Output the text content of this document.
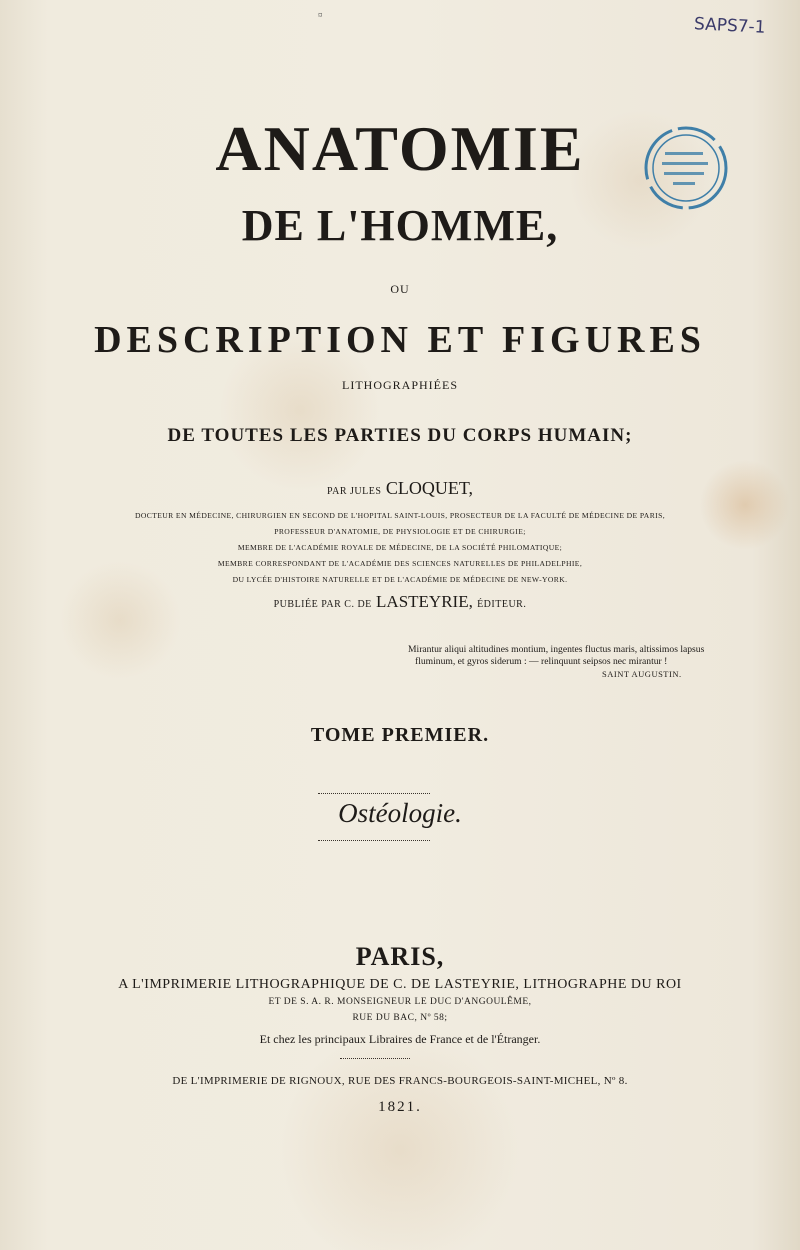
¤	SAPS7-1
ANATOMIE
DE L'HOMME,
OU
DESCRIPTION ET FIGURES
LITHOGRAPHIÉES
DE TOUTES LES PARTIES DU CORPS HUMAIN;
PAR JULES CLOQUET,
DOCTEUR EN MÉDECINE, CHIRURGIEN EN SECOND DE L'HOPITAL SAINT-LOUIS, PROSECTEUR DE LA FACULTÉ DE MÉDECINE DE PARIS,
PROFESSEUR D'ANATOMIE, DE PHYSIOLOGIE ET DE CHIRURGIE;
MEMBRE DE L'ACADÉMIE ROYALE DE MÉDECINE, DE LA SOCIÉTÉ PHILOMATIQUE;
MEMBRE CORRESPONDANT DE L'ACADÉMIE DES SCIENCES NATURELLES DE PHILADELPHIE,
DU LYCÉE D'HISTOIRE NATURELLE ET DE L'ACADÉMIE DE MÉDECINE DE NEW-YORK.
PUBLIÉE PAR C. DE LASTEYRIE, ÉDITEUR.
Mirantur aliqui altitudines montium, ingentes fluctus maris, altissimos lapsus
fluminum, et gyros siderum : — relinquunt seipsos nec mirantur !
SAINT AUGUSTIN.
TOME PREMIER.
Ostéologie.
PARIS,
A L'IMPRIMERIE LITHOGRAPHIQUE DE C. DE LASTEYRIE, LITHOGRAPHE DU ROI
ET DE S. A. R. MONSEIGNEUR LE DUC D'ANGOULÊME,
RUE DU BAC, Nº 58;
Et chez les principaux Libraires de France et de l'Étranger.
DE L'IMPRIMERIE DE RIGNOUX, RUE DES FRANCS-BOURGEOIS-SAINT-MICHEL, Nº 8.
1821.
